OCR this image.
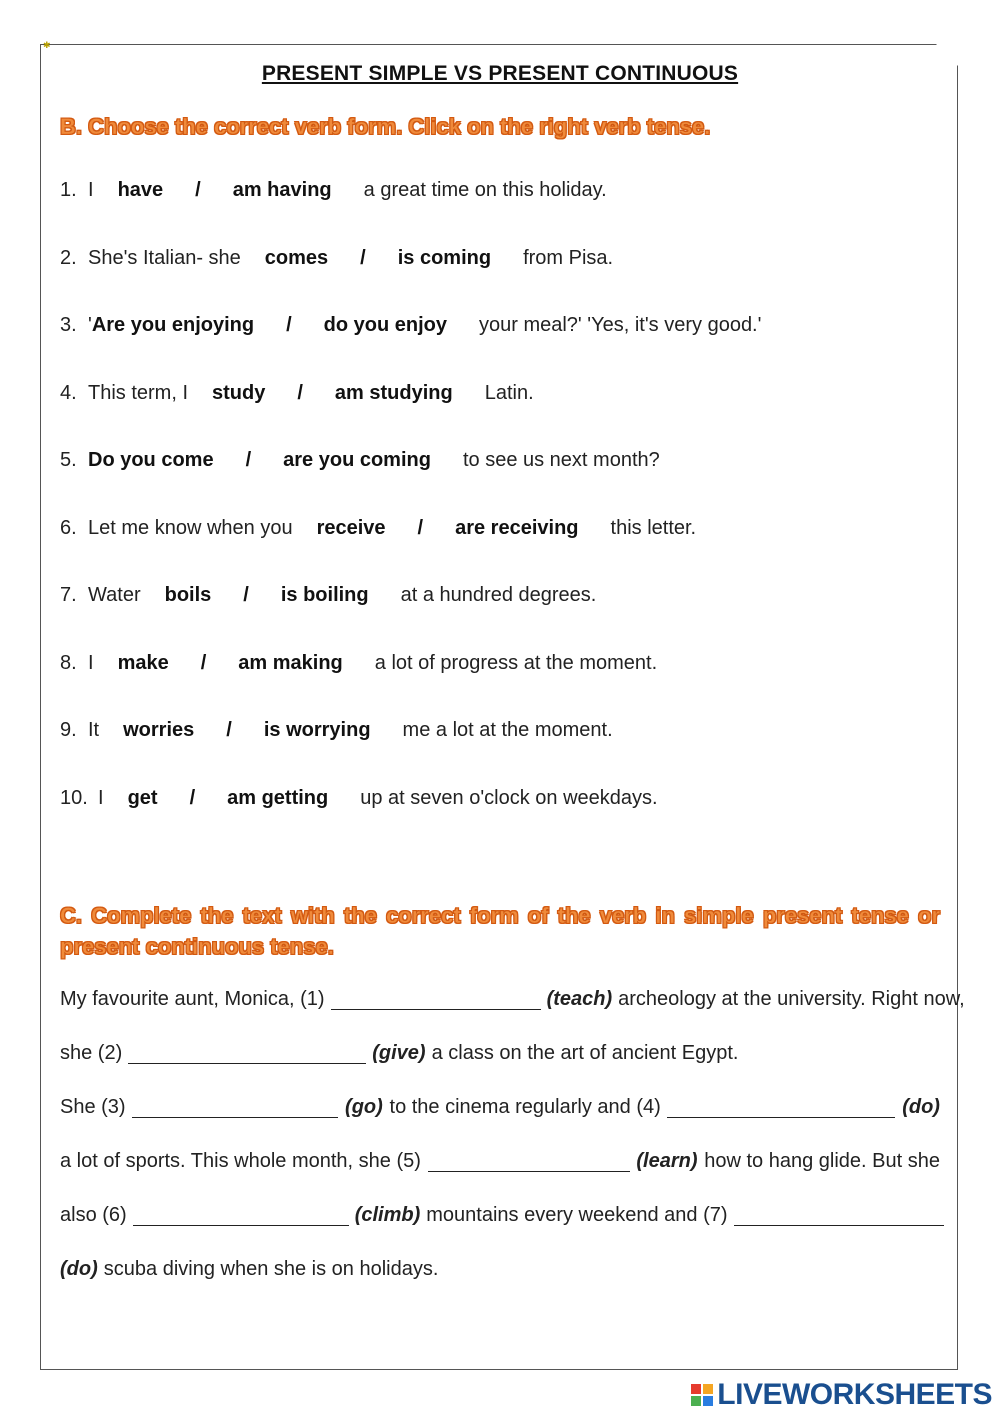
✱
PRESENT SIMPLE VS PRESENT CONTINUOUS
B. Choose the correct verb form. Click on the right verb tense.
1. I have / am having a great time on this holiday.
2. She's Italian- she comes / is coming from Pisa.
3. ' Are you enjoying / do you enjoy your meal?' 'Yes, it's very good.'
4. This term, I study / am studying Latin.
5. Do you come / are you coming to see us next month?
6. Let me know when you receive / are receiving this letter.
7. Water boils / is boiling at a hundred degrees.
8. I make / am making a lot of progress at the moment.
9. It worries / is worrying me a lot at the moment.
10. I get / am getting up at seven o'clock on weekdays.
C. Complete the text with the correct form of the verb in simple present tense or present continuous tense.
My favourite aunt, Monica, (1)	(teach) archeology at the university. Right now,
she (2)	(give) a class on the art of ancient Egypt.
She (3)	(go) to the cinema regularly and (4)	(do)
a lot of sports. This whole month, she (5)	(learn) how to hang glide. But she
also (6)	(climb) mountains every weekend and (7)
(do) scuba diving when she is on holidays.
LIVEWORKSHEETS
